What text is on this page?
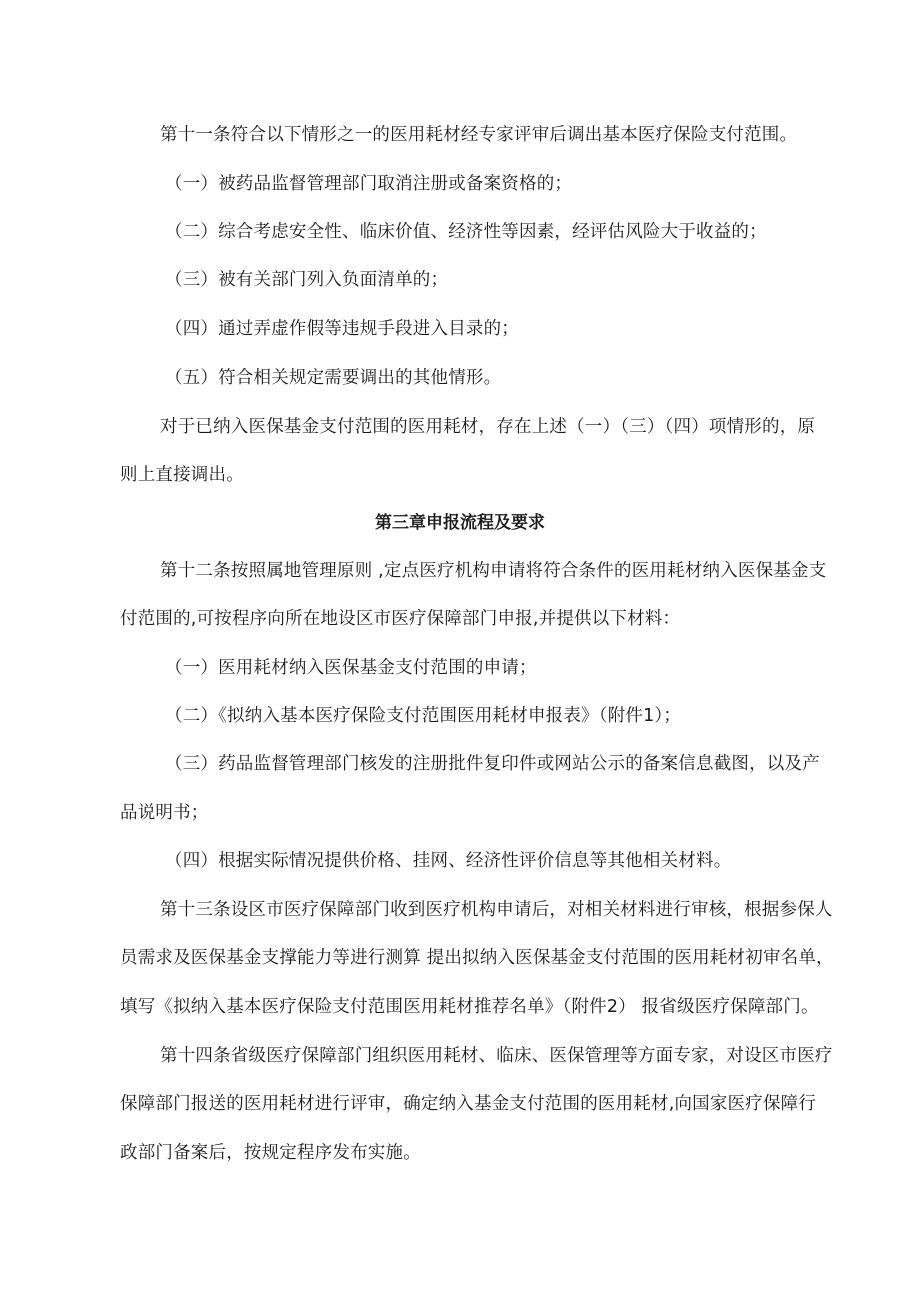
第十一条符合以下情形之一的医用耗材经专家评审后调出基本医疗保险支付范围。
（一）被药品监督管理部门取消注册或备案资格的；
（二）综合考虑安全性、临床价值、经济性等因素，经评估风险大于收益的；
（三）被有关部门列入负面清单的；
（四）通过弄虚作假等违规手段进入目录的；
（五）符合相关规定需要调出的其他情形。
对于已纳入医保基金支付范围的医用耗材，存在上述（一）（三）（四）项情形的，原
则上直接调出。
第三章申报流程及要求
第十二条按照属地管理原则 ,定点医疗机构申请将符合条件的医用耗材纳入医保基金支
付范围的,可按程序向所在地设区市医疗保障部门申报,并提供以下材料：
（一）医用耗材纳入医保基金支付范围的申请；
（二）《拟纳入基本医疗保险支付范围医用耗材申报表》（附件1）；
（三）药品监督管理部门核发的注册批件复印件或网站公示的备案信息截图，以及产
品说明书；
（四）根据实际情况提供价格、挂网、经济性评价信息等其他相关材料。
第十三条设区市医疗保障部门收到医疗机构申请后，对相关材料进行审核，根据参保人
员需求及医保基金支撑能力等进行测算 提出拟纳入医保基金支付范围的医用耗材初审名单，
填写《拟纳入基本医疗保险支付范围医用耗材推荐名单》（附件2） 报省级医疗保障部门。
第十四条省级医疗保障部门组织医用耗材、临床、医保管理等方面专家，对设区市医疗
保障部门报送的医用耗材进行评审，确定纳入基金支付范围的医用耗材,向国家医疗保障行
政部门备案后，按规定程序发布实施。
